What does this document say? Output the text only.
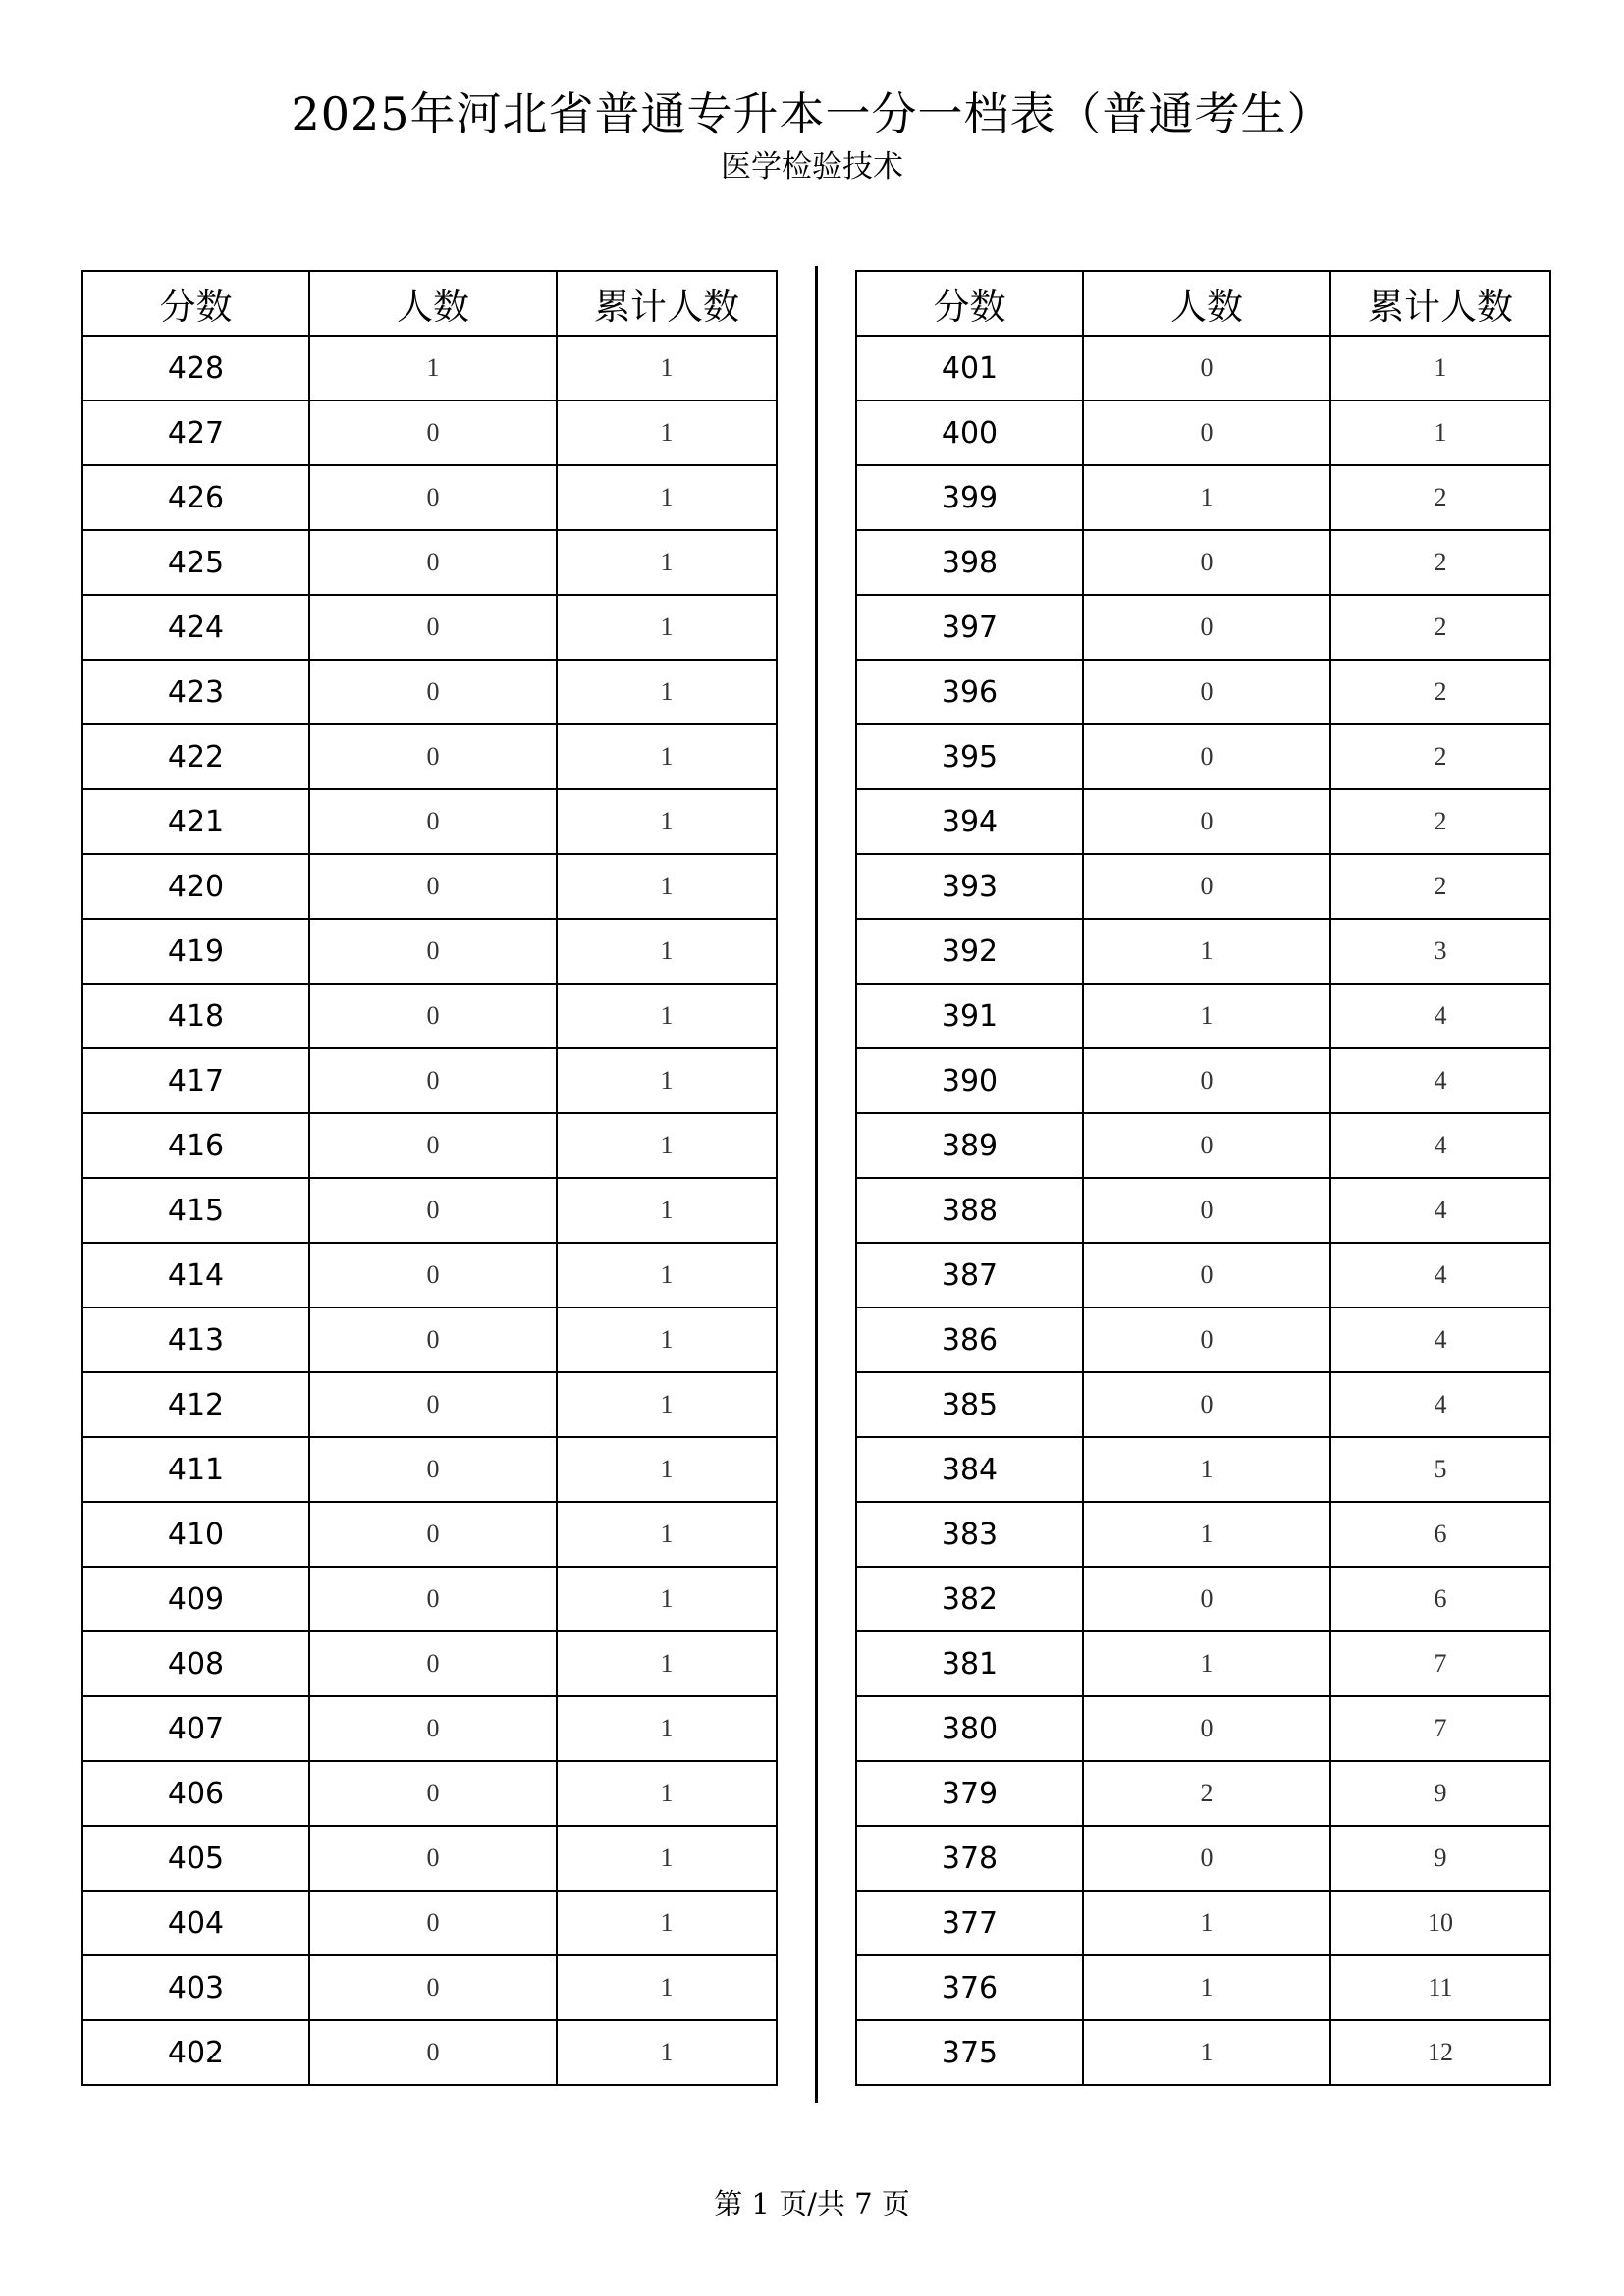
2025年河北省普通专升本一分一档表（普通考生）
医学检验技术
分数	人数	累计人数
428	1	1
427	0	1
426	0	1
425	0	1
424	0	1
423	0	1
422	0	1
421	0	1
420	0	1
419	0	1
418	0	1
417	0	1
416	0	1
415	0	1
414	0	1
413	0	1
412	0	1
411	0	1
410	0	1
409	0	1
408	0	1
407	0	1
406	0	1
405	0	1
404	0	1
403	0	1
402	0	1
分数	人数	累计人数
401	0	1
400	0	1
399	1	2
398	0	2
397	0	2
396	0	2
395	0	2
394	0	2
393	0	2
392	1	3
391	1	4
390	0	4
389	0	4
388	0	4
387	0	4
386	0	4
385	0	4
384	1	5
383	1	6
382	0	6
381	1	7
380	0	7
379	2	9
378	0	9
377	1	10
376	1	11
375	1	12
第 1 页/共 7 页
